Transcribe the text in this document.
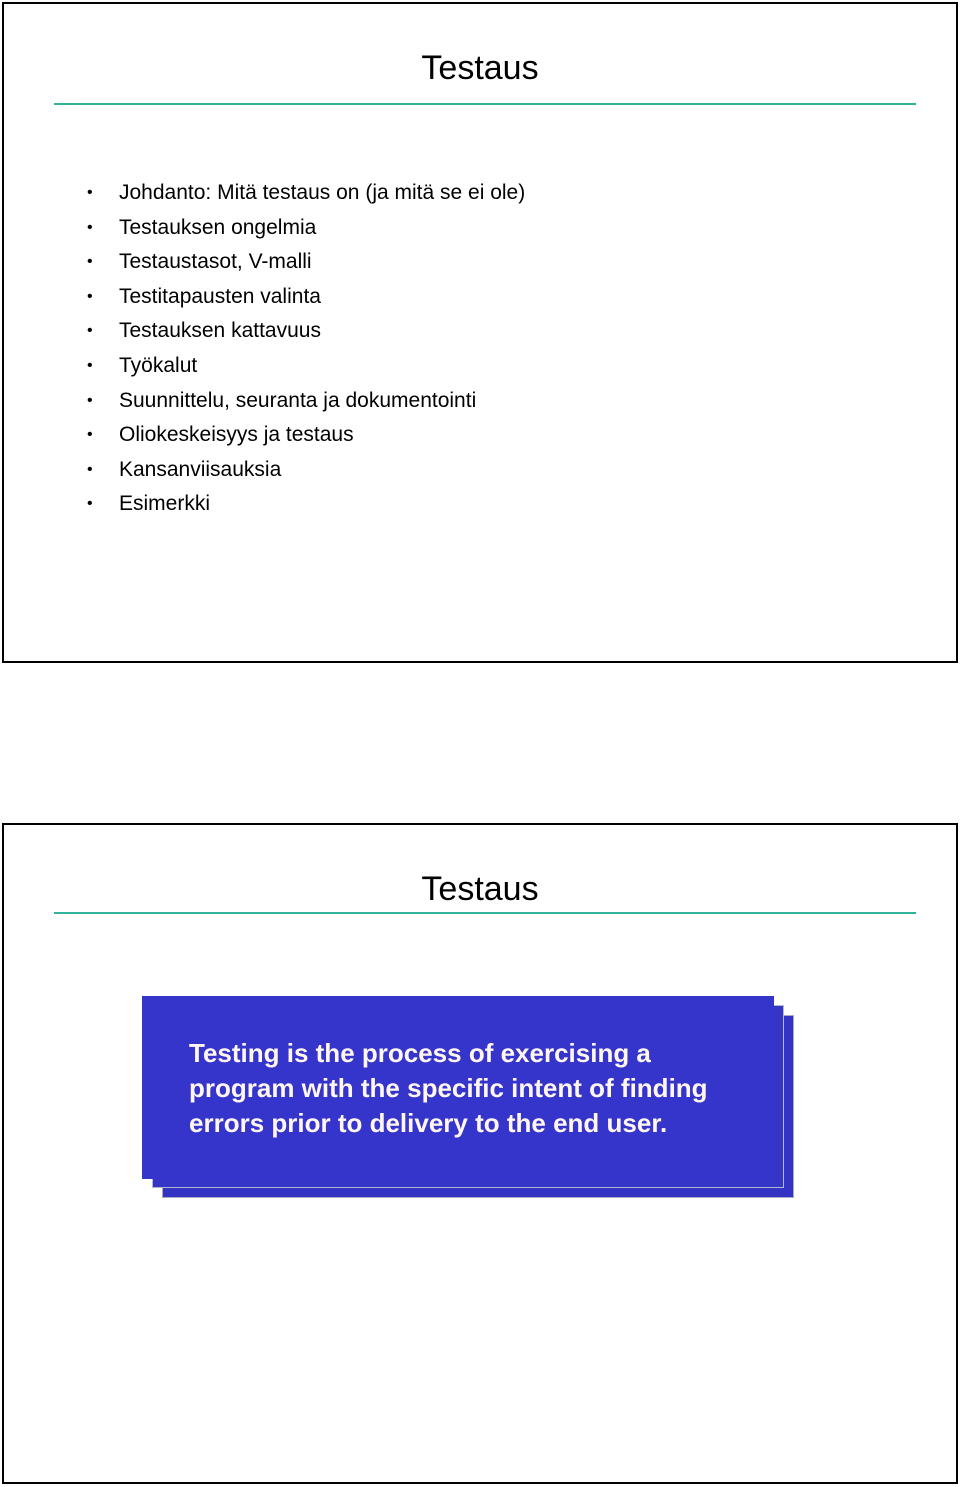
Testaus
• Johdanto: Mitä testaus on (ja mitä se ei ole)
• Testauksen ongelmia
• Testaustasot, V-malli
• Testitapausten valinta
• Testauksen kattavuus
• Työkalut
• Suunnittelu, seuranta ja dokumentointi
• Oliokeskeisyys ja testaus
• Kansanviisauksia
• Esimerkki
Testaus
Testing is the process of exercising a
program with the specific intent of finding
errors prior to delivery to the end user.
